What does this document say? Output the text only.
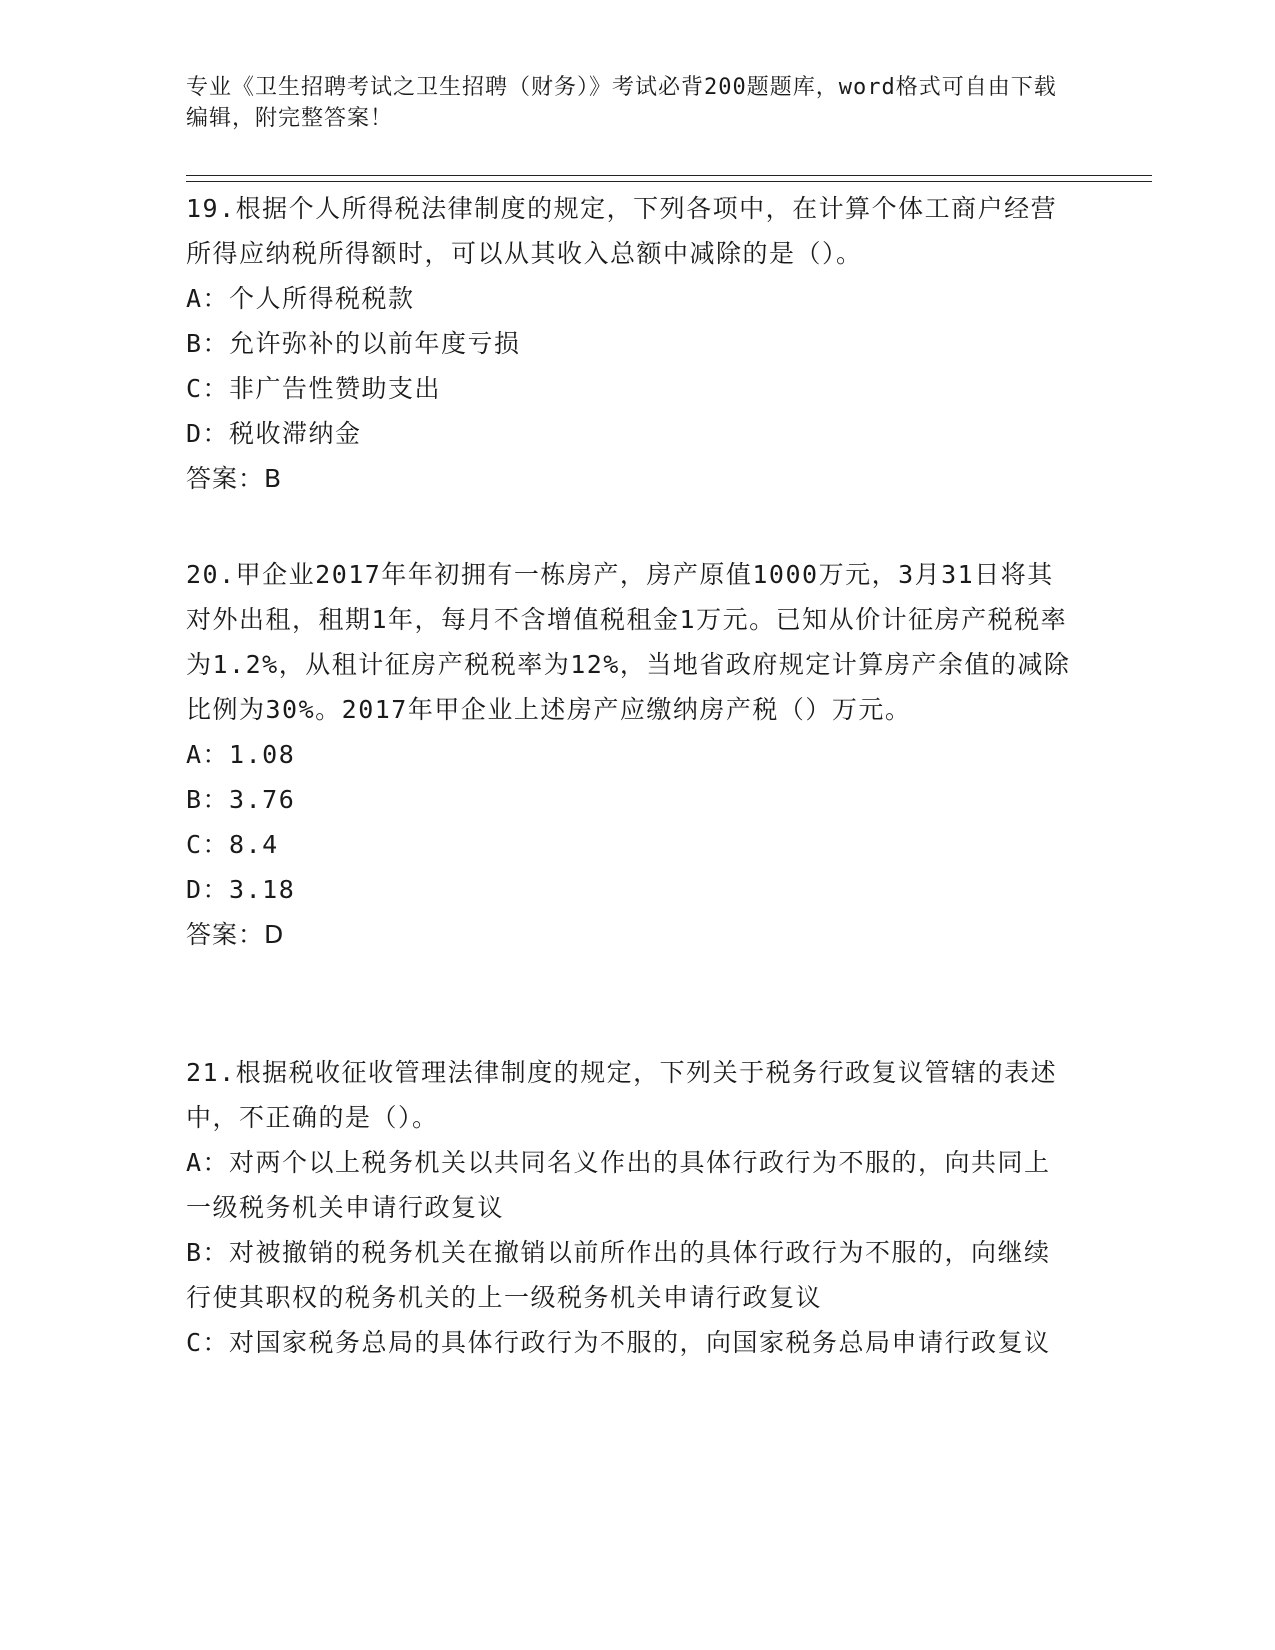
专业《卫生招聘考试之卫生招聘（财务）》考试必背200题题库，word格式可自由下载编辑，附完整答案！
19.根据个人所得税法律制度的规定，下列各项中，在计算个体工商户经营所得应纳税所得额时，可以从其收入总额中减除的是（）。
A：个人所得税税款
B：允许弥补的以前年度亏损
C：非广告性赞助支出
D：税收滞纳金
答案：B
20.甲企业2017年年初拥有一栋房产，房产原值1000万元，3月31日将其对外出租，租期1年，每月不含增值税租金1万元。已知从价计征房产税税率为1.2%，从租计征房产税税率为12%，当地省政府规定计算房产余值的减除比例为30%。2017年甲企业上述房产应缴纳房产税（）万元。
A：1.08
B：3.76
C：8.4
D：3.18
答案：D
21.根据税收征收管理法律制度的规定，下列关于税务行政复议管辖的表述中，不正确的是（）。
A：对两个以上税务机关以共同名义作出的具体行政行为不服的，向共同上一级税务机关申请行政复议
B：对被撤销的税务机关在撤销以前所作出的具体行政行为不服的，向继续行使其职权的税务机关的上一级税务机关申请行政复议
C：对国家税务总局的具体行政行为不服的，向国家税务总局申请行政复议
